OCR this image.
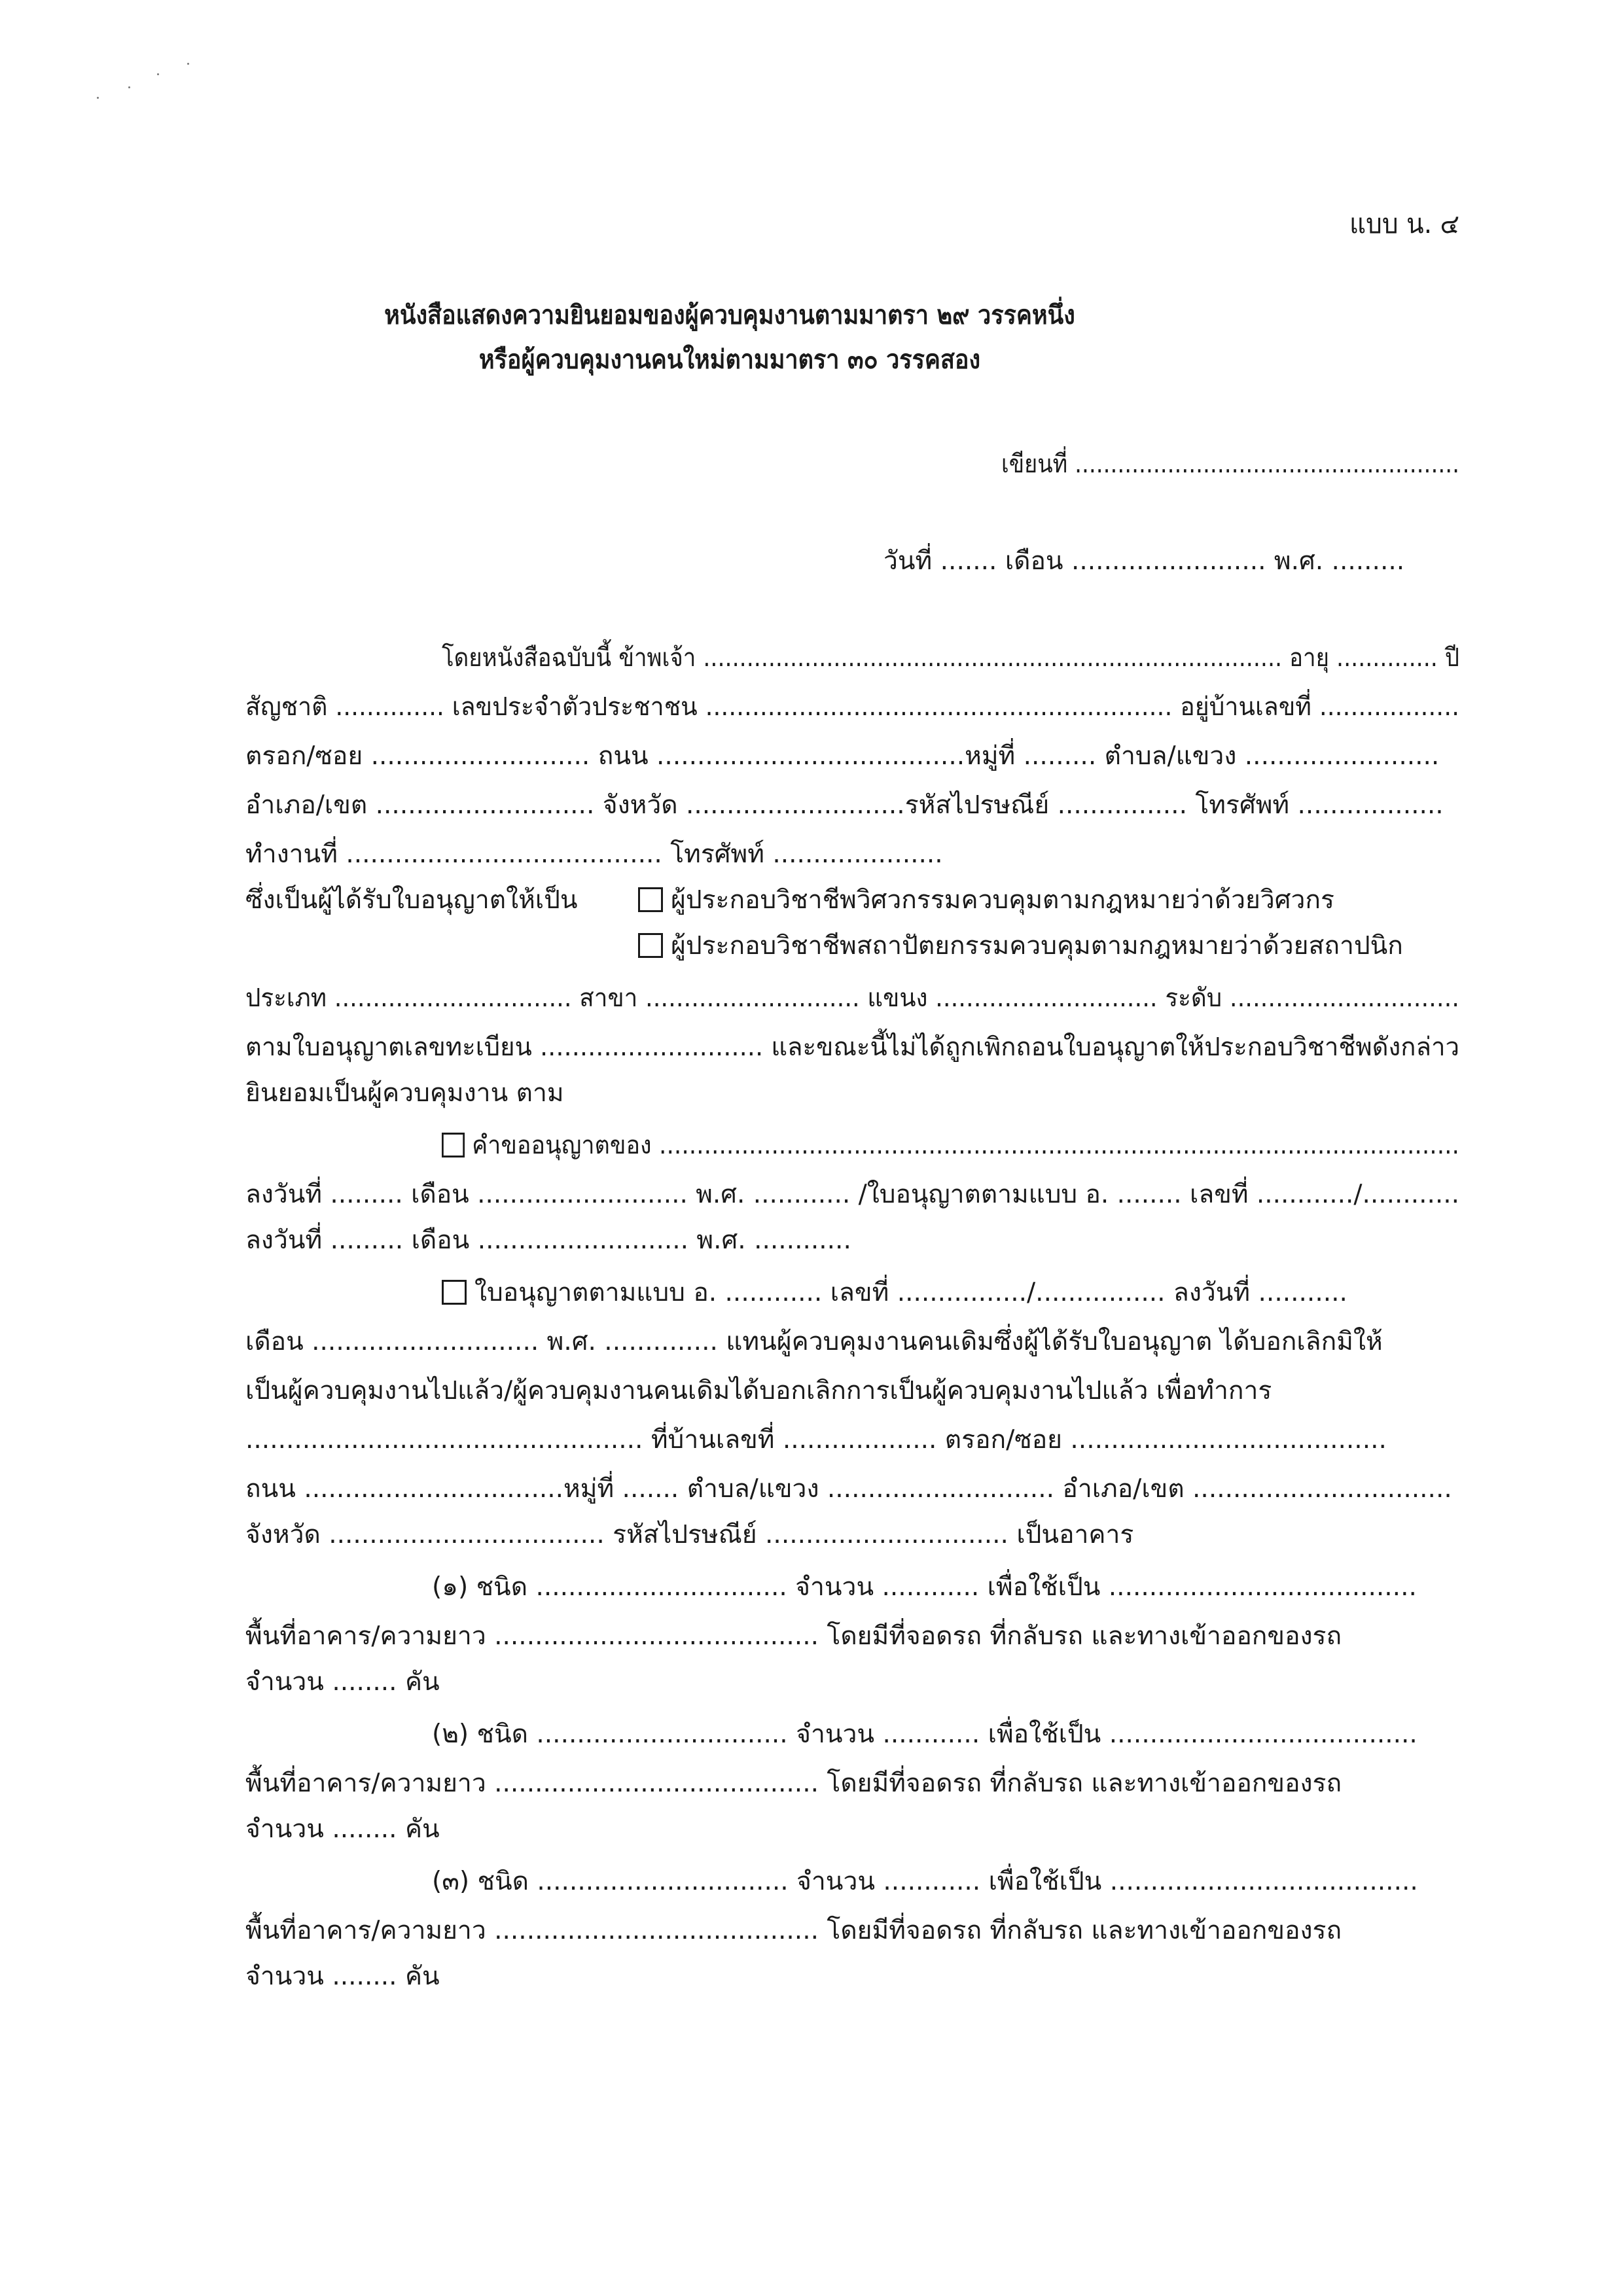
แบบ น. ๔
หนังสือแสดงความยินยอมของผู้ควบคุมงานตามมาตรา ๒๙ วรรคหนึ่ง
หรือผู้ควบคุมงานคนใหม่ตามมาตรา ๓๐ วรรคสอง
เขียนที่ ......................................................
วันที่ ....... เดือน ........................ พ.ศ. .........
โดยหนังสือฉบับนี้ ข้าพเจ้า ................................................................................ อายุ .............. ปี
สัญชาติ .............. เลขประจำตัวประชาชน ............................................................ อยู่บ้านเลขที่ ..................
ตรอก/ซอย ........................... ถนน ......................................หมู่ที่ ......... ตำบล/แขวง ........................
อำเภอ/เขต ........................... จังหวัด ...........................รหัสไปรษณีย์ ................ โทรศัพท์ ..................
ทำงานที่ ....................................... โทรศัพท์ .....................
ซึ่งเป็นผู้ได้รับใบอนุญาตให้เป็น	ผู้ประกอบวิชาชีพวิศวกรรมควบคุมตามกฎหมายว่าด้วยวิศวกร
ผู้ประกอบวิชาชีพสถาปัตยกรรมควบคุมตามกฎหมายว่าด้วยสถาปนิก
ประเภท ............................... สาขา ............................ แขนง ............................. ระดับ ..............................
ตามใบอนุญาตเลขทะเบียน ............................ และขณะนี้ไม่ได้ถูกเพิกถอนใบอนุญาตให้ประกอบวิชาชีพดังกล่าว
ยินยอมเป็นผู้ควบคุมงาน ตาม
คำขออนุญาตของ ...........................................................................................................
ลงวันที่ ......... เดือน .......................... พ.ศ. ............ /ใบอนุญาตตามแบบ อ. ........ เลขที่ ............/............
ลงวันที่ ......... เดือน .......................... พ.ศ. ............
ใบอนุญาตตามแบบ อ. ............ เลขที่ ................/................ ลงวันที่ ...........
เดือน ............................ พ.ศ. .............. แทนผู้ควบคุมงานคนเดิมซึ่งผู้ได้รับใบอนุญาต ได้บอกเลิกมิให้
เป็นผู้ควบคุมงานไปแล้ว/ผู้ควบคุมงานคนเดิมได้บอกเลิกการเป็นผู้ควบคุมงานไปแล้ว เพื่อทำการ
................................................. ที่บ้านเลขที่ ................... ตรอก/ซอย .......................................
ถนน ................................หมู่ที่ ....... ตำบล/แขวง ............................ อำเภอ/เขต ................................
จังหวัด .................................. รหัสไปรษณีย์ .............................. เป็นอาคาร
(๑) ชนิด ............................... จำนวน ............ เพื่อใช้เป็น ......................................
พื้นที่อาคาร/ความยาว ........................................ โดยมีที่จอดรถ ที่กลับรถ และทางเข้าออกของรถ
จำนวน ........ คัน
(๒) ชนิด ............................... จำนวน ............ เพื่อใช้เป็น ......................................
พื้นที่อาคาร/ความยาว ........................................ โดยมีที่จอดรถ ที่กลับรถ และทางเข้าออกของรถ
จำนวน ........ คัน
(๓) ชนิด ............................... จำนวน ............ เพื่อใช้เป็น ......................................
พื้นที่อาคาร/ความยาว ........................................ โดยมีที่จอดรถ ที่กลับรถ และทางเข้าออกของรถ
จำนวน ........ คัน
